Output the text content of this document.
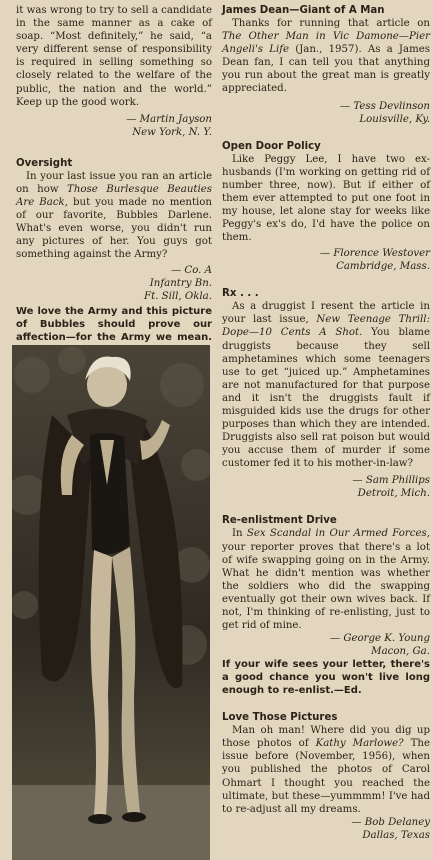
it was wrong to try to sell a candidate in the same manner as a cake of soap. “Most definitely,” he said, “a very different sense of responsibility is required in selling something so closely related to the welfare of the public, the nation and the world.” Keep up the good work.

— Martin Jayson

New York, N. Y.

Oversight

In your last issue you ran an article on how Those Burlesque Beauties Are Back, but you made no mention of our favorite, Bubbles Darlene. What's even worse, you didn't run any pictures of her. You guys got something against the Army?

— Co. A

Infantry Bn.

Ft. Sill, Okla.

We love the Army and this picture of Bubbles should prove our affection—for the Army we mean.

James Dean—Giant of A Man

Thanks for running that article on The Other Man in Vic Damone—Pier Angeli's Life (Jan., 1957). As a James Dean fan, I can tell you that anything you run about the great man is greatly appreciated.

— Tess Devlinson

Louisville, Ky.

Open Door Policy

Like Peggy Lee, I have two ex-husbands (I'm working on getting rid of number three, now). But if either of them ever attempted to put one foot in my house, let alone stay for weeks like Peggy's ex's do, I'd have the police on them.

— Florence Westover

Cambridge, Mass.

Rx . . .

As a druggist I resent the article in your last issue, New Teenage Thrill: Dope—10 Cents A Shot. You blame druggists because they sell amphetamines which some teenagers use to get “juiced up.” Amphetamines are not manufactured for that purpose and it isn't the druggists fault if misguided kids use the drugs for other purposes than which they are intended. Druggists also sell rat poison but would you accuse them of murder if some customer fed it to his mother-in-law?

— Sam Phillips

Detroit, Mich.

Re-enlistment Drive

In Sex Scandal in Our Armed Forces, your reporter proves that there's a lot of wife swapping going on in the Army. What he didn't mention was whether the soldiers who did the swapping eventually got their own wives back. If not, I'm thinking of re-enlisting, just to get rid of mine.

— George K. Young

Macon, Ga.

If your wife sees your letter, there's a good chance you won't live long enough to re-enlist.—Ed.

Love Those Pictures

Man oh man! Where did you dig up those photos of Kathy Marlowe? The issue before (November, 1956), when you published the photos of Carol Ohmart I thought you reached the ultimate, but these—yummmm! I've had to re-adjust all my dreams.

— Bob Delaney

Dallas, Texas
